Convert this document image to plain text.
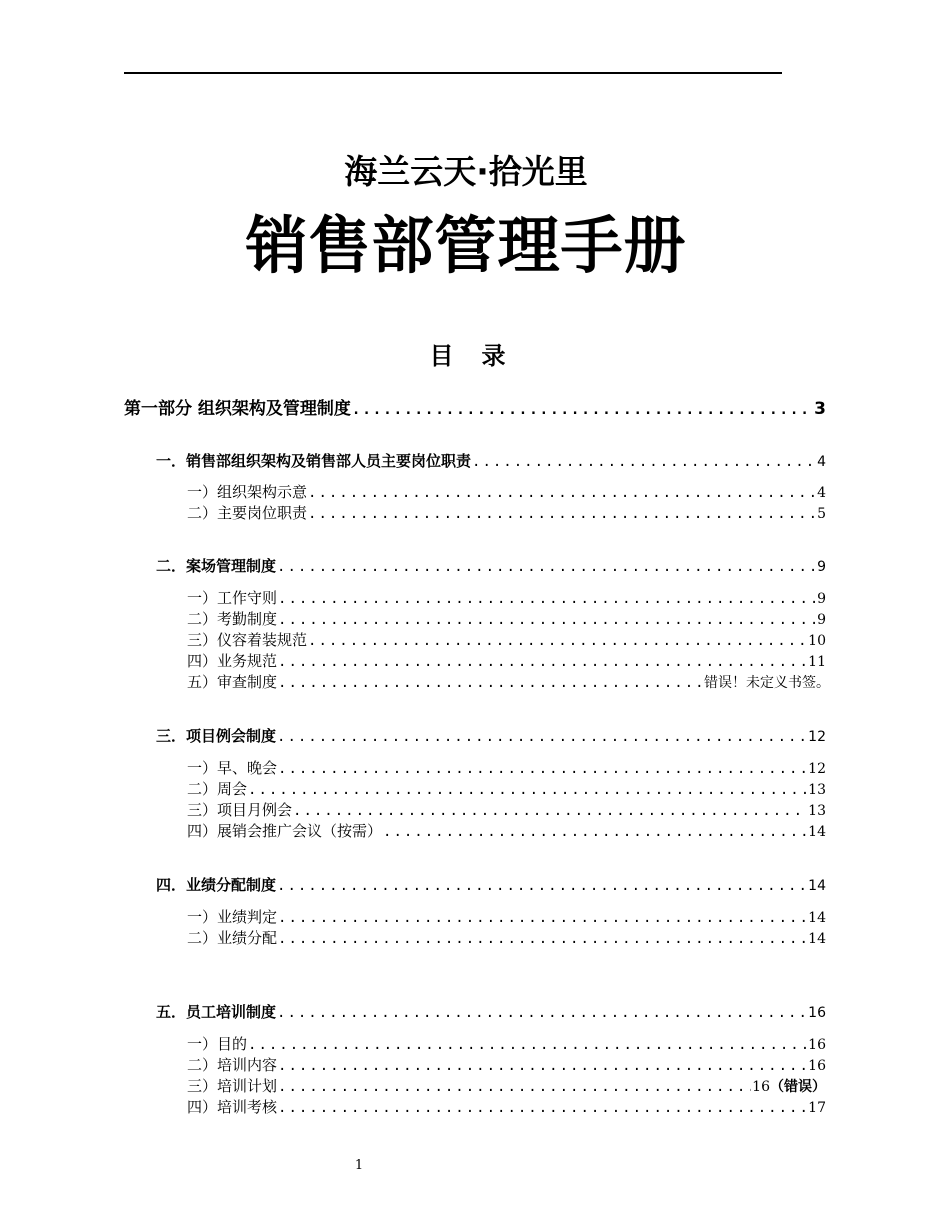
海兰云天·拾光里
销售部管理手册
目 录
第一部分 组织架构及管理制度 .....	3
一．销售部组织架构及销售部人员主要岗位职责 .....	4
一）组织架构示意 .....	4
二）主要岗位职责 .....	5
二．案场管理制度 .....	9
一）工作守则 .....	9
二）考勤制度 .....	9
三）仪容着装规范 .....	10
四）业务规范 .....	11
五）审查制度 .....	错误！未定义书签。
三．项目例会制度 .....	12
一）早、晚会 .....	12
二）周会 .....	13
三）项目月例会 .....	13
四）展销会推广会议（按需） .....	14
四．业绩分配制度 .....	14
一）业绩判定 .....	14
二）业绩分配 .....	14
五．员工培训制度 .....	16
一）目的 .....	16
二）培训内容 .....	16
三）培训计划 .....	16 （错误）
四）培训考核 .....	17
1
